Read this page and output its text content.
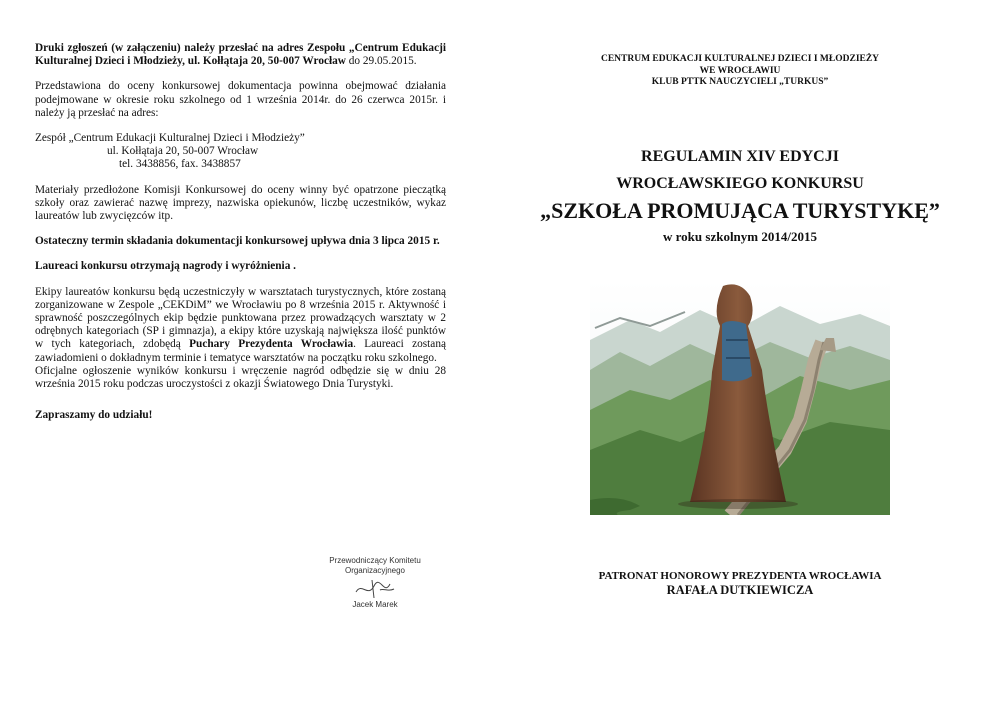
Druki zgłoszeń (w załączeniu) należy przesłać na adres Zespołu „Centrum Edukacji Kulturalnej Dzieci i Młodzieży, ul. Kołłątaja 20, 50-007 Wrocław do 29.05.2015.

Przedstawiona do oceny konkursowej dokumentacja powinna obejmować działania podejmowane w okresie roku szkolnego od 1 września 2014r. do 26 czerwca 2015r. i należy ją przesłać na adres:

Zespół „Centrum Edukacji Kulturalnej Dzieci i Młodzieży”
ul. Kołłątaja 20, 50-007 Wrocław
tel. 3438856, fax. 3438857

Materiały przedłożone Komisji Konkursowej do oceny winny być opatrzone pieczątką szkoły oraz zawierać nazwę imprezy, nazwiska opiekunów, liczbę uczestników, wykaz laureatów lub zwycięzców itp.

Ostateczny termin składania dokumentacji konkursowej upływa dnia 3 lipca 2015 r.

Laureaci konkursu otrzymają nagrody i wyróżnienia .

Ekipy laureatów konkursu będą uczestniczyły w warsztatach turystycznych, które zostaną zorganizowane w Zespole „CEKDiM” we Wrocławiu po 8 września 2015 r. Aktywność i sprawność poszczególnych ekip będzie punktowana przez prowadzących warsztaty w 2 odrębnych kategoriach (SP i gimnazja), a ekipy które uzyskają największa ilość punktów w tych kategoriach, zdobędą Puchary Prezydenta Wrocławia. Laureaci zostaną zawiadomieni o dokładnym terminie i tematyce warsztatów na początku roku szkolnego.

Oficjalne ogłoszenie wyników konkursu i wręczenie nagród odbędzie się w dniu 28 września 2015 roku podczas uroczystości z okazji Światowego Dnia Turystyki.

Zapraszamy do udziału!

Przewodniczący Komitetu
Organizacyjnego
Jacek Marek
CENTRUM EDUKACJI KULTURALNEJ DZIECI I MŁODZIEŻY
WE WROCŁAWIU
KLUB PTTK NAUCZYCIELI „TURKUS”
REGULAMIN XIV EDYCJI
WROCŁAWSKIEGO KONKURSU
„SZKOŁA PROMUJĄCA TURYSTYKĘ”
w roku szkolnym 2014/2015
PATRONAT HONOROWY PREZYDENTA WROCŁAWIA
RAFAŁA DUTKIEWICZA
